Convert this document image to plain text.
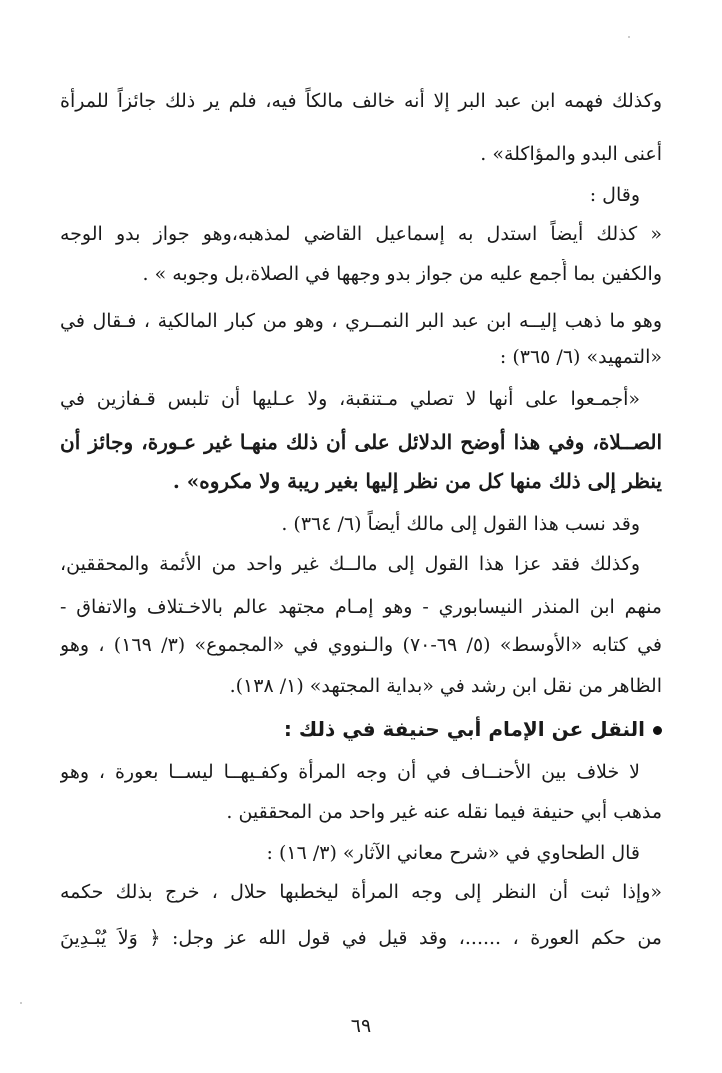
وكذلك فهمه ابن عبد البر إلا أنه خالف مالكاً فيه، فلم ير ذلك جائزاً للمرأة
أعنى البدو والمؤاكلة» .
وقال :
« كذلك أيضاً استدل به إسماعيل القاضي لمذهبه،وهو جواز بدو الوجه
والكفين بما أُجمع عليه من جواز بدو وجهها في الصلاة،بل وجوبه » .
وهو ما ذهب إليــه ابن عبد البر النمــري ، وهو من كبار المالكية ، فـقال في
«التمهيد» (٦/ ٣٦٥) :
«أجمـعوا على أنها لا تصلي مـتنقبة، ولا عـليها أن تلبس قـفازين في
الصــلاة، وفي هذا أوضح الدلائل على أن ذلك منهـا غير عـورة، وجائز أن
ينظر إلى ذلك منها كل من نظر إليها بغير ريبة ولا مكروه» .
وقد نسب هذا القول إلى مالك أيضاً (٦/ ٣٦٤) .
وكذلك فقد عزا هذا القول إلى مالــك غير واحد من الأئمة والمحققين،
منهم ابن المنذر النيسابوري - وهو إمـام مجتهد عالم بالاخـتلاف والاتفاق -
في كتابه «الأوسط» (٥/ ٦٩-٧٠) والـنووي في «المجموع» (٣/ ١٦٩) ، وهو
الظاهر من نقل ابن رشد في «بداية المجتهد» (١/ ١٣٨).
النقل عن الإمام أبي حنيفة في ذلك :
لا خلاف بين الأحنــاف في أن وجه المرأة وكفـيهــا ليســا بعورة ، وهو
مذهب أبي حنيفة فيما نقله عنه غير واحد من المحققين .
قال الطحاوي في «شرح معاني الآثار» (٣/ ١٦) :
«وإذا ثبت أن النظر إلى وجه المرأة ليخطبها حلال ، خرج بذلك حكمه
من حكم العورة ، ......، وقد قيل في قول الله عز وجل: ﴿ وَلاَ يُبْـدِينَ
٦٩
